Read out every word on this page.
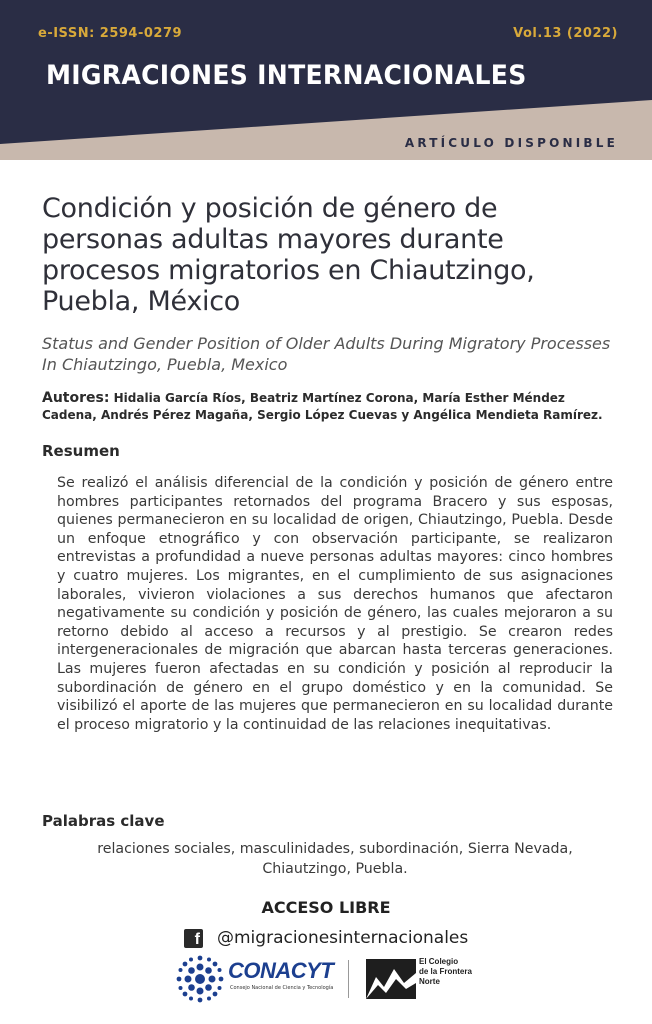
e-ISSN: 2594-0279	Vol.13 (2022)
MIGRACIONES INTERNACIONALES
ARTÍCULO DISPONIBLE
Condición y posición de género de personas adultas mayores durante procesos migratorios en Chiautzingo, Puebla, México
Status and Gender Position of Older Adults During Migratory Processes In Chiautzingo, Puebla, Mexico
Autores: Hidalia García Ríos, Beatriz Martínez Corona, María Esther Méndez Cadena, Andrés Pérez Magaña, Sergio López Cuevas y Angélica Mendieta Ramírez.
Resumen

Se realizó el análisis diferencial de la condición y posición de género entre hombres participantes retornados del programa Bracero y sus esposas, quienes permanecieron en su localidad de origen, Chiautzingo, Puebla. Desde un enfoque etnográfico y con observación participante, se realizaron entrevistas a profundidad a nueve personas adultas mayores: cinco hombres y cuatro mujeres. Los migrantes, en el cumplimiento de sus asignaciones laborales, vivieron violaciones a sus derechos humanos que afectaron negativamente su condición y posición de género, las cuales mejoraron a su retorno debido al acceso a recursos y al prestigio. Se crearon redes intergeneracionales de migración que abarcan hasta terceras generaciones. Las mujeres fueron afectadas en su condición y posición al reproducir la subordinación de género en el grupo doméstico y en la comunidad. Se visibilizó el aporte de las mujeres que permanecieron en su localidad durante el proceso migratorio y la continuidad de las relaciones inequitativas.

Palabras clave

relaciones sociales, masculinidades, subordinación, Sierra Nevada, Chiautzingo, Puebla.

ACCESO LIBRE
f @migracionesinternacionales
CONACYT
Consejo Nacional de Ciencia y Tecnología
El Colegio
de la Frontera
Norte
